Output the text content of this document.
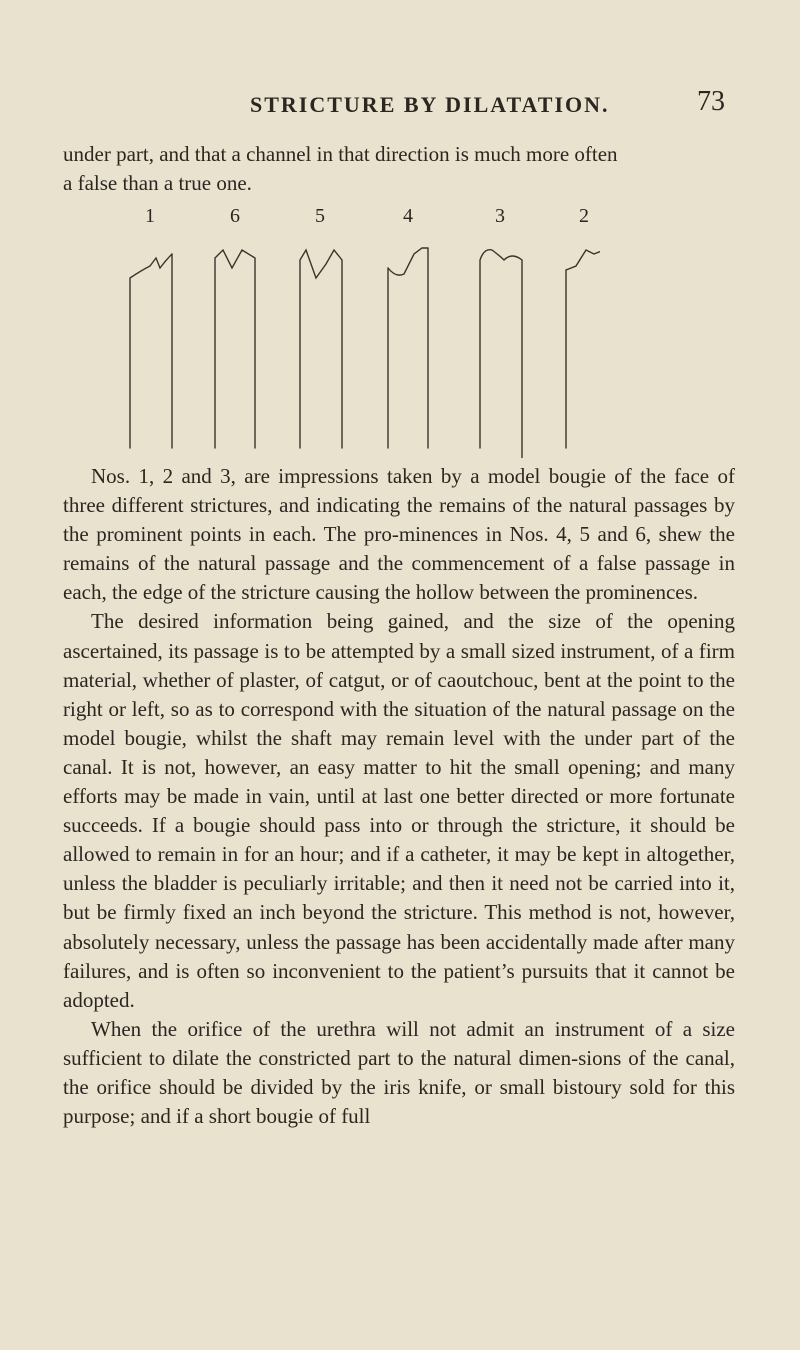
STRICTURE BY DILATATION.	73
under part, and that a channel in that direction is much more often
a false than a true one.
1	6	5	4	3	2

Nos. 1, 2 and 3, are impressions taken by a model bougie of the face of three different strictures, and indicating the remains of the natural passages by the prominent points in each. The pro-minences in Nos. 4, 5 and 6, shew the remains of the natural passage and the commencement of a false passage in each, the edge of the stricture causing the hollow between the prominences.

The desired information being gained, and the size of the opening ascertained, its passage is to be attempted by a small sized instrument, of a firm material, whether of plaster, of catgut, or of caoutchouc, bent at the point to the right or left, so as to correspond with the situation of the natural passage on the model bougie, whilst the shaft may remain level with the under part of the canal. It is not, however, an easy matter to hit the small opening; and many efforts may be made in vain, until at last one better directed or more fortunate succeeds. If a bougie should pass into or through the stricture, it should be allowed to remain in for an hour; and if a catheter, it may be kept in altogether, unless the bladder is peculiarly irritable; and then it need not be carried into it, but be firmly fixed an inch beyond the stricture. This method is not, however, absolutely necessary, unless the passage has been accidentally made after many failures, and is often so inconvenient to the patient’s pursuits that it cannot be adopted.

When the orifice of the urethra will not admit an instrument of a size sufficient to dilate the constricted part to the natural dimen-sions of the canal, the orifice should be divided by the iris knife, or small bistoury sold for this purpose; and if a short bougie of full
